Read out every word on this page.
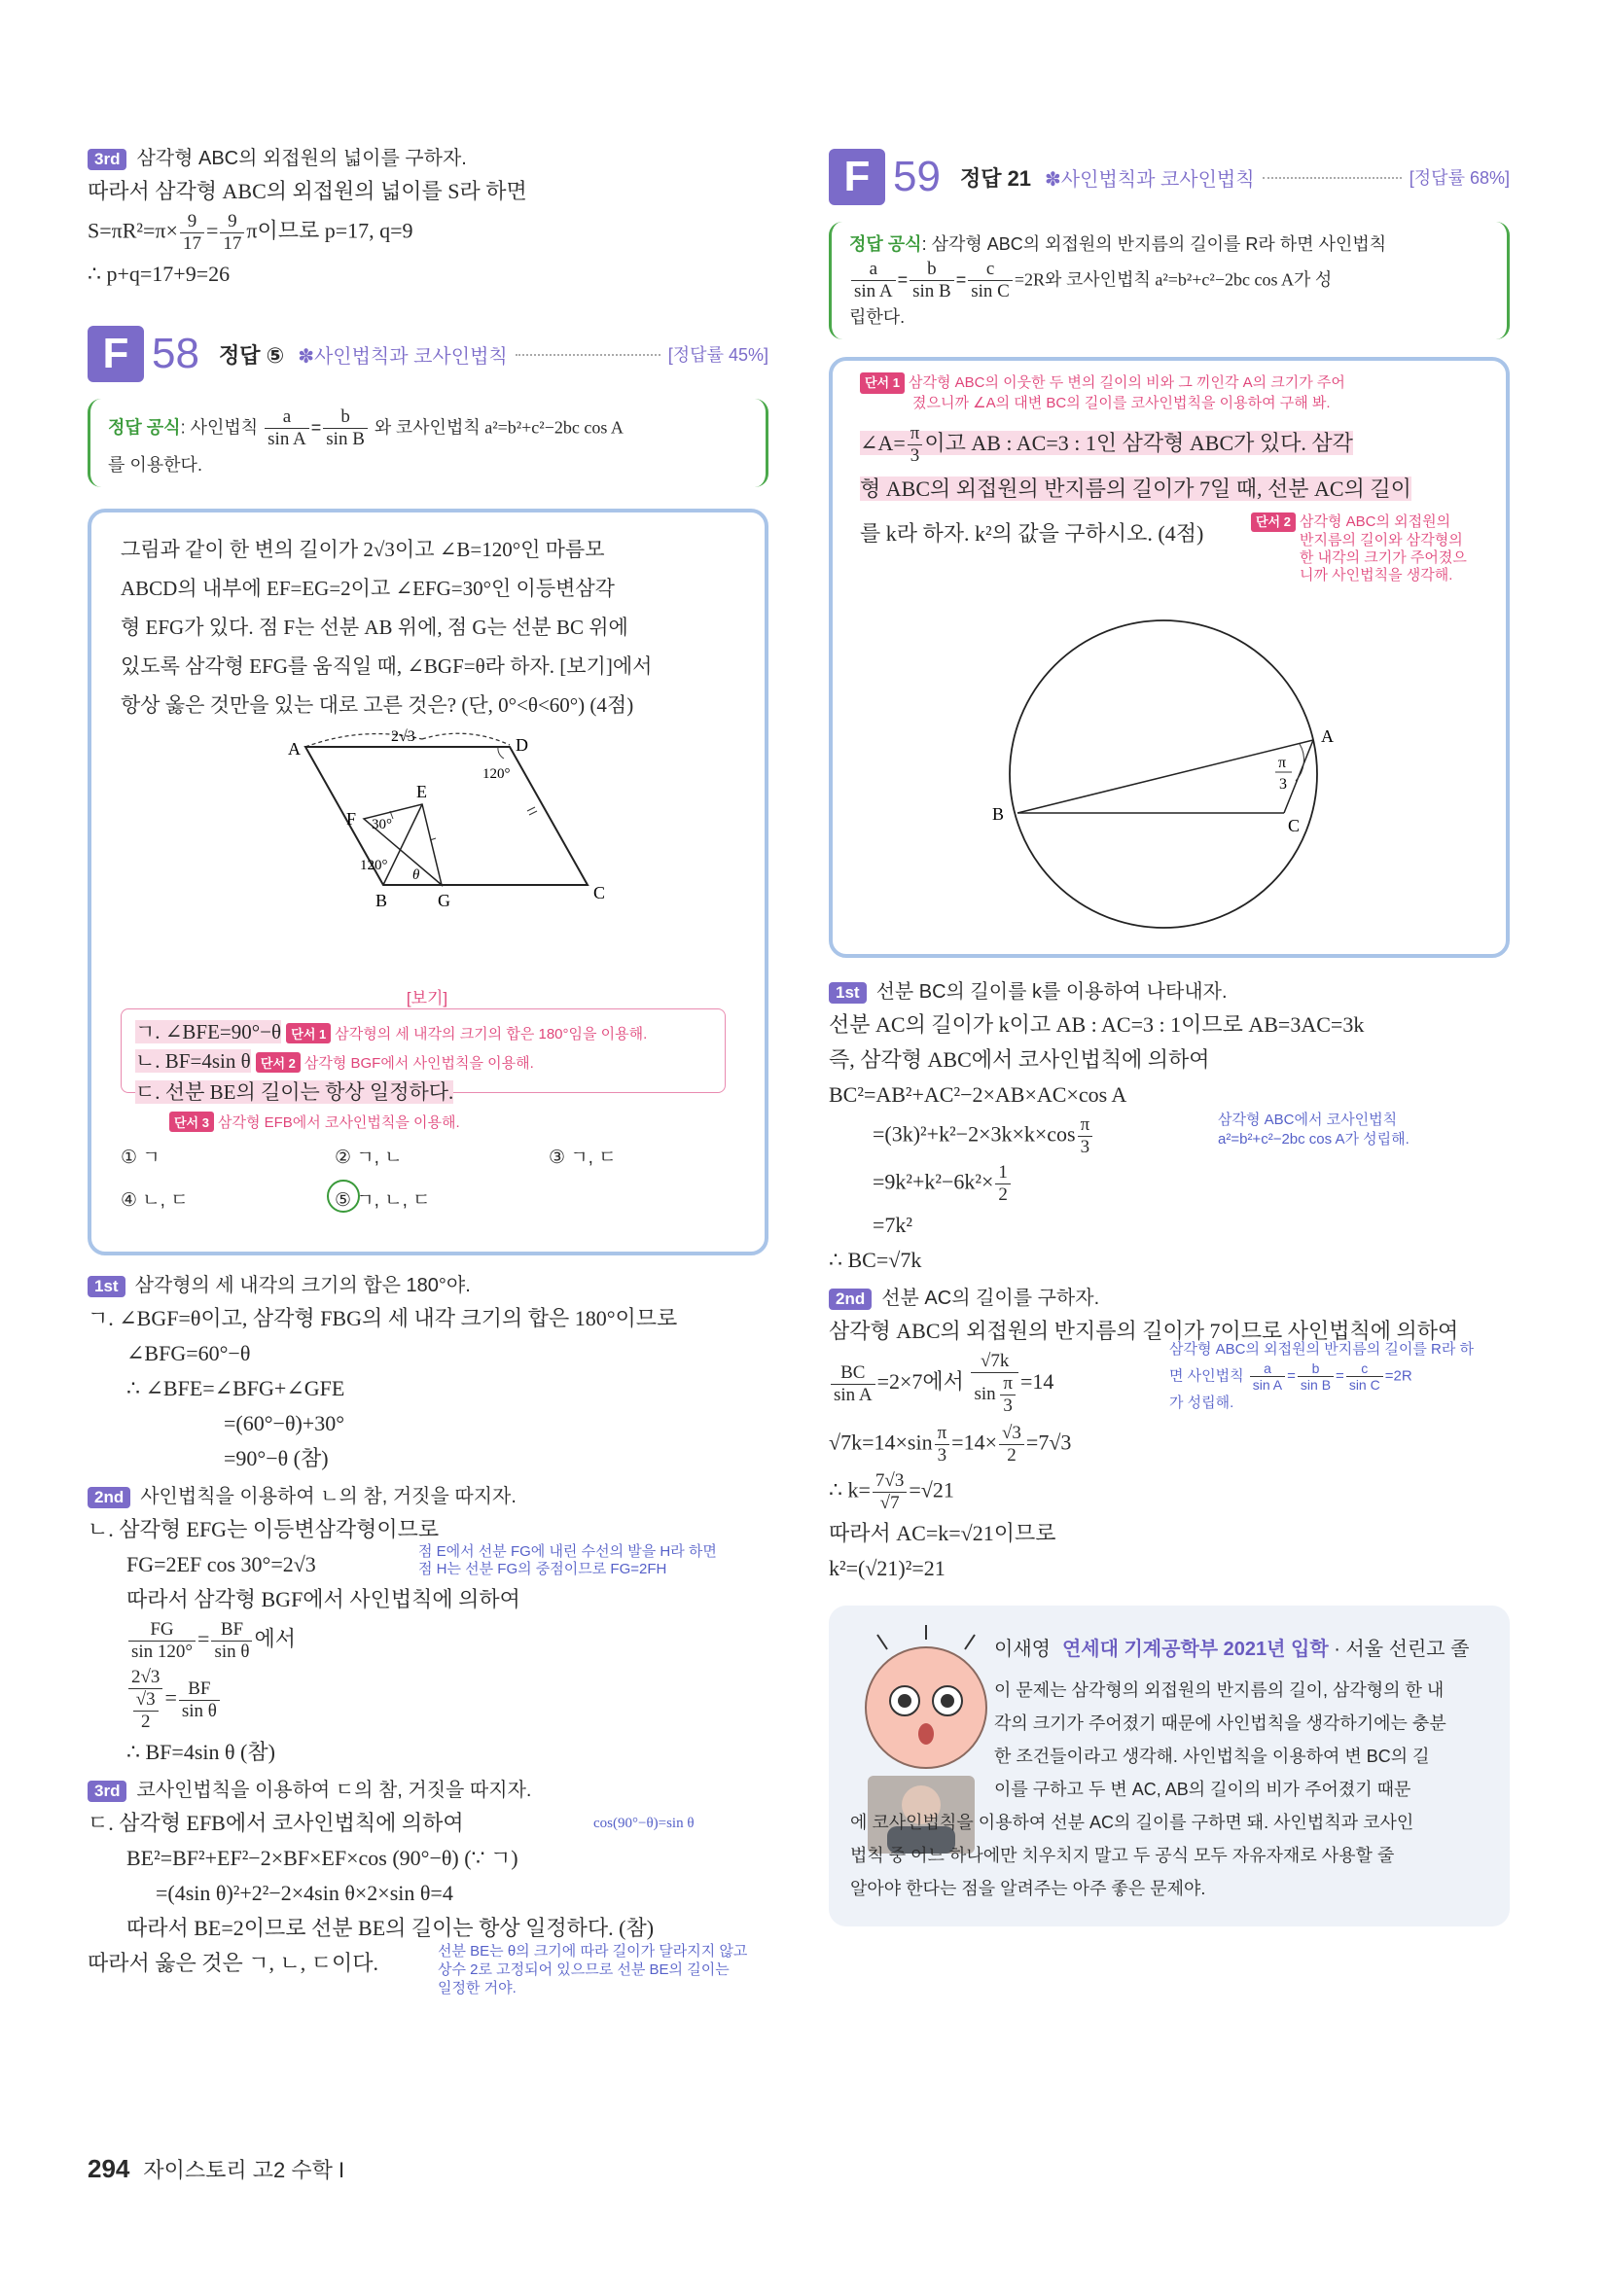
3rd 삼각형 ABC의 외접원의 넓이를 구하자.
따라서 삼각형 ABC의 외접원의 넓이를 S라 하면
$S=\pi R^2=\pi\times \frac{9}{17} = \frac{9}{17}$ π이므로 p=17, q=9
∴ p+q=17+9=26
F 58 정답 ⑤ ✽사인법칙과 코사인법칙	[정답률 45%]
정답 공식: 사인법칙 $\frac{a}{\text{sin A}} = \frac{b}{\text{sin B}}$ 와 코사인법칙 a²=b²+c²−2bc cos A
를 이용한다.
그림과 같이 한 변의 길이가 2√3이고 ∠B=120°인 마름모
ABCD의 내부에 EF=EG=2이고 ∠EFG=30°인 이등변삼각
형 EFG가 있다. 점 F는 선분 AB 위에, 점 G는 선분 BC 위에
있도록 삼각형 EFG를 움직일 때, ∠BGF=θ라 하자. [보기]에서
항상 옳은 것만을 있는 대로 고른 것은? (단, 0°<θ<60°) (4점)
A	D
B	C
E
F
G
2√3
120°
30°
120°
θ
[보기]
ㄱ. ∠BFE=90°−θ 단서 1 삼각형의 세 내각의 크기의 합은 180°임을 이용해.
ㄴ. BF=4sin θ 단서 2 삼각형 BGF에서 사인법칙을 이용해.
ㄷ. 선분 BE의 길이는 항상 일정하다.
단서 3 삼각형 EFB에서 코사인법칙을 이용해.
① ㄱ	② ㄱ, ㄴ	③ ㄱ, ㄷ
④ ㄴ, ㄷ	⑤ ㄱ, ㄴ, ㄷ
1st 삼각형의 세 내각의 크기의 합은 180°야.
ㄱ. ∠BGF=θ이고, 삼각형 FBG의 세 내각 크기의 합은 180°이므로
∠BFG=60°−θ
∴ ∠BFE=∠BFG+∠GFE
=(60°−θ)+30°
=90°−θ (참)
2nd 사인법칙을 이용하여 ㄴ의 참, 거짓을 따지자.
ㄴ. 삼각형 EFG는 이등변삼각형이므로
FG=2EF cos 30°=2√3
점 E에서 선분 FG에 내린 수선의 발을 H라 하면
점 H는 선분 FG의 중점이므로 FG=2FH
따라서 삼각형 BGF에서 사인법칙에 의하여
$\frac{FG}{\sin 120^\circ} = \frac{BF}{\text{sin θ}}$ 에서
$\frac{2√3}{\frac{√3}{2}} = \frac{BF}{\text{sin θ}}$
∴ BF=4sin θ (참)
3rd 코사인법칙을 이용하여 ㄷ의 참, 거짓을 따지자.
ㄷ. 삼각형 EFB에서 코사인법칙에 의하여	cos(90°−θ)=sin θ
BE²=BF²+EF²−2×BF×EF×cos (90°−θ) (∵ ㄱ)
=(4sin θ)²+2²−2×4sin θ×2×sin θ=4
따라서 BE=2이므로 선분 BE의 길이는 항상 일정하다. (참)
따라서 옳은 것은 ㄱ, ㄴ, ㄷ이다.	선분 BE는 θ의 크기에 따라 길이가 달라지지 않고
상수 2로 고정되어 있으므로 선분 BE의 길이는
일정한 거야.
F 59 정답 21 ✽사인법칙과 코사인법칙	[정답률 68%]
정답 공식: 삼각형 ABC의 외접원의 반지름의 길이를 R라 하면 사인법칙

$\frac{a}{\text{sin A}} = \frac{b}{\text{sin B}} = \frac{c}{\text{sin C}} =2R$와 코사인법칙 a²=b²+c²−2bc cos A가 성
립한다.
단서 1 삼각형 ABC의 이웃한 두 변의 길이의 비와 그 끼인각 A의 크기가 주어
졌으니까 ∠A의 대변 BC의 길이를 코사인법칙을 이용하여 구해 봐.
∠A= $\frac{\pi}{3}$ 이고 AB : AC=3 : 1인 삼각형 ABC가 있다. 삼각
형 ABC의 외접원의 반지름의 길이가 7일 때, 선분 AC의 길이
를 k라 하자. k²의 값을 구하시오. (4점)	단서 2 삼각형 ABC의 외접원의
반지름의 길이와 삼각형의
한 내각의 크기가 주어졌으
니까 사인법칙을 생각해.
A
B
C
π
3
1st 선분 BC의 길이를 k를 이용하여 나타내자.
선분 AC의 길이가 k이고 AB : AC=3 : 1이므로 AB=3AC=3k
즉, 삼각형 ABC에서 코사인법칙에 의하여
BC²=AB²+AC²−2×AB×AC×cos A
$=(3k)^2+k^2-2\times 3k\times k\times\cos \frac{\pi}{3}$	삼각형 ABC에서 코사인법칙
a²=b²+c²−2bc cos A가 성립해.
$=9k^2+k^2-6k^2\times \frac{1}{2}$
=7k²
∴ BC=√7k
2nd 선분 AC의 길이를 구하자.
삼각형 ABC의 외접원의 반지름의 길이가 7이므로 사인법칙에 의하여
$\frac{BC}{\text{sin A}} =2\times 7$에서 $\frac{√7k}{\sin \frac{\pi}{3}} =14$
삼각형 ABC의 외접원의 반지름의 길이를 R라 하
면 사인법칙 $\frac{a}{\text{sin A}} = \frac{b}{\text{sin B}} = \frac{c}{\text{sin C}} =2R$
가 성립해.
$√7k=14\times\sin \frac{\pi}{3} =14\times \frac{√3}{2} =7√3$
∴ $k= \frac{7√3}{√7} =√21$
따라서 AC=k=√21이므로
k²=(√21)²=21
이새영 연세대 기계공학부 2021년 입학 · 서울 선린고 졸
이 문제는 삼각형의 외접원의 반지름의 길이, 삼각형의 한 내
각의 크기가 주어졌기 때문에 사인법칙을 생각하기에는 충분
한 조건들이라고 생각해. 사인법칙을 이용하여 변 BC의 길
이를 구하고 두 변 AC, AB의 길이의 비가 주어졌기 때문
에 코사인법칙을 이용하여 선분 AC의 길이를 구하면 돼. 사인법칙과 코사인
법칙 중 어느 하나에만 치우치지 말고 두 공식 모두 자유자재로 사용할 줄
알아야 한다는 점을 알려주는 아주 좋은 문제야.
294 자이스토리 고2 수학 I
